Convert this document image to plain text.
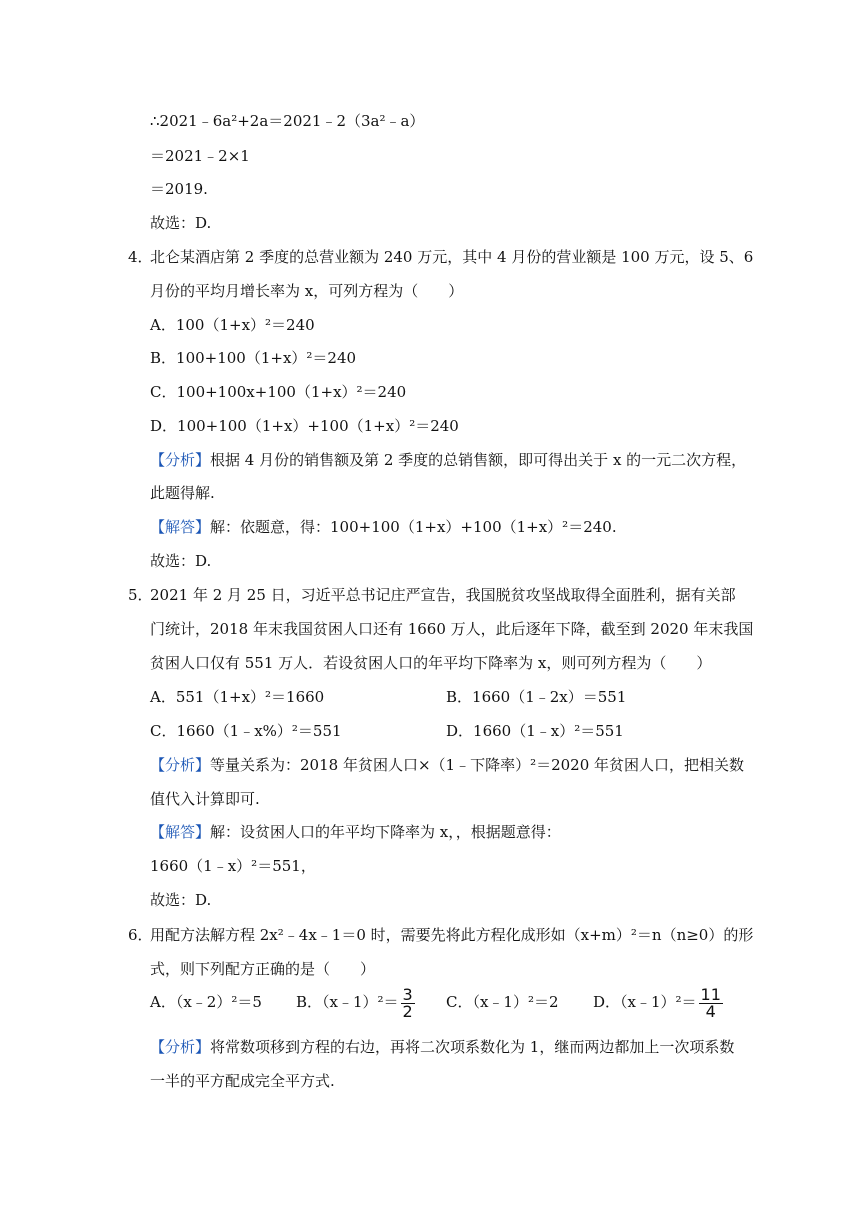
∴2021﹣6a²+2a＝2021﹣2（3a²﹣a）
＝2021﹣2×1
＝2019.
故选：D.
4．
北仑某酒店第 2 季度的总营业额为 240 万元，其中 4 月份的营业额是 100 万元，设 5、6
月份的平均月增长率为 x，可列方程为（　　）
A．100（1+x）²＝240
B．100+100（1+x）²＝240
C．100+100x+100（1+x）²＝240
D．100+100（1+x）+100（1+x）²＝240
【分析】根据 4 月份的销售额及第 2 季度的总销售额，即可得出关于 x 的一元二次方程，
此题得解.
【解答】解：依题意，得：100+100（1+x）+100（1+x）²＝240.
故选：D.
5．
2021 年 2 月 25 日，习近平总书记庄严宣告，我国脱贫攻坚战取得全面胜利，据有关部
门统计，2018 年末我国贫困人口还有 1660 万人，此后逐年下降，截至到 2020 年末我国
贫困人口仅有 551 万人．若设贫困人口的年平均下降率为 x，则可列方程为（　　）
A．551（1+x）²＝1660	B．1660（1﹣2x）＝551
C．1660（1﹣x%）²＝551	D．1660（1﹣x）²＝551
【分析】等量关系为：2018 年贫困人口×（1﹣下降率）²＝2020 年贫困人口，把相关数
值代入计算即可.
【解答】解：设贫困人口的年平均下降率为 x，，根据题意得：
1660（1﹣x）²＝551，
故选：D.
6．
用配方法解方程 2x²﹣4x﹣1＝0 时，需要先将此方程化成形如（x+m）²＝n（n≥0）的形
式，则下列配方正确的是（　　）
A．（x﹣2）²＝5 B．（x﹣1）²＝ $\frac{3}{2}$ C．（x﹣1）²＝2 D．（x﹣1）²＝ $\frac{11}{4}$
【分析】将常数项移到方程的右边，再将二次项系数化为 1，继而两边都加上一次项系数
一半的平方配成完全平方式.
